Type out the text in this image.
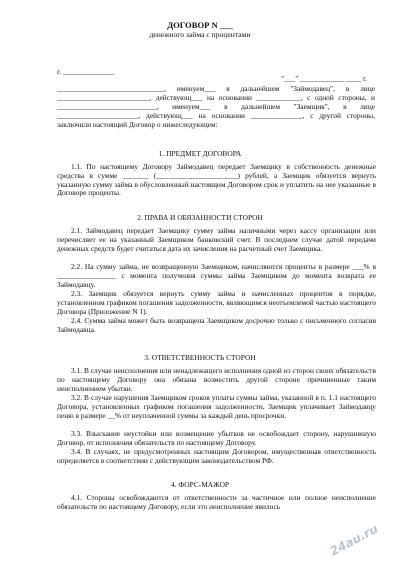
ДОГОВОР N ___
денежного займа с процентами
г. ______________
"___" ____________ ____ г.
_____________________________, именуем___ в дальнейшем "Займодавец", в лице _________________________, действующ___ на основании ____________, с одной стороны, и ___________________________, именуем___ в дальнейшем "Заемщик", в лице ______________________, действующ___ на основании ______________, с другой стороны, заключили настоящий Договор о нижеследующем:
1. ПРЕДМЕТ ДОГОВОРА
1.1. По настоящему Договору Займодавец передает Заемщику в собственность денежные средства в сумме _______ (______________________) рублей, а Заемщик обязуется вернуть указанную сумму займа в обусловленный настоящим Договором срок и уплатить на нее указанные в Договоре проценты.
2. ПРАВА И ОБЯЗАННОСТИ СТОРОН
2.1. Займодавец передает Заемщику сумму займа наличными через кассу организации или перечисляет ее на указанный Заемщиком банковский счет. В последнем случае датой передачи денежных средств будет считаться дата их зачисления на расчетный счет Заемщика.
2.2. На сумму займа, не возвращенную Заемщиком, начисляются проценты в размере ___% в ________________ с момента получения суммы займа Заемщиком до момента возврата ее Займодавцу.
2.3. Заемщик обязуется вернуть сумму займа и начисленных процентов в порядке, установленном графиком погашения задолженности, являющимся неотъемлемой частью настоящего Договора (Приложение N 1).
2.4. Сумма займа может быть возвращена Заемщиком досрочно только с письменного согласия Займодавца.
3. ОТВЕТСТВЕННОСТЬ СТОРОН
3.1. В случае неисполнения или ненадлежащего исполнения одной из сторон своих обязательств по настоящему Договору она обязана возместить другой стороне причиненные таким неисполнением убытки.
3.2. В случае нарушения Заемщиком сроков уплаты суммы займа, указанной в п. 1.1 настоящего Договора, установленных графиком погашения задолженности, Заемщик уплачивает Займодавцу пеню в размере __% от неуплаченной суммы за каждый день просрочки.
3.3. Взыскание неустойки или возмещение убытков не освобождает сторону, нарушившую Договор, от исполнения обязательств по настоящему Договору.
3.4. В случаях, не предусмотренных настоящим Договором, имущественная ответственность определяется в соответствии с действующим законодательством РФ.
4. ФОРС-МАЖОР
4.1. Стороны освобождаются от ответственности за частичное или полное неисполнение обязательств по настоящему Договору, если это неисполнение явилось
24au.ru
